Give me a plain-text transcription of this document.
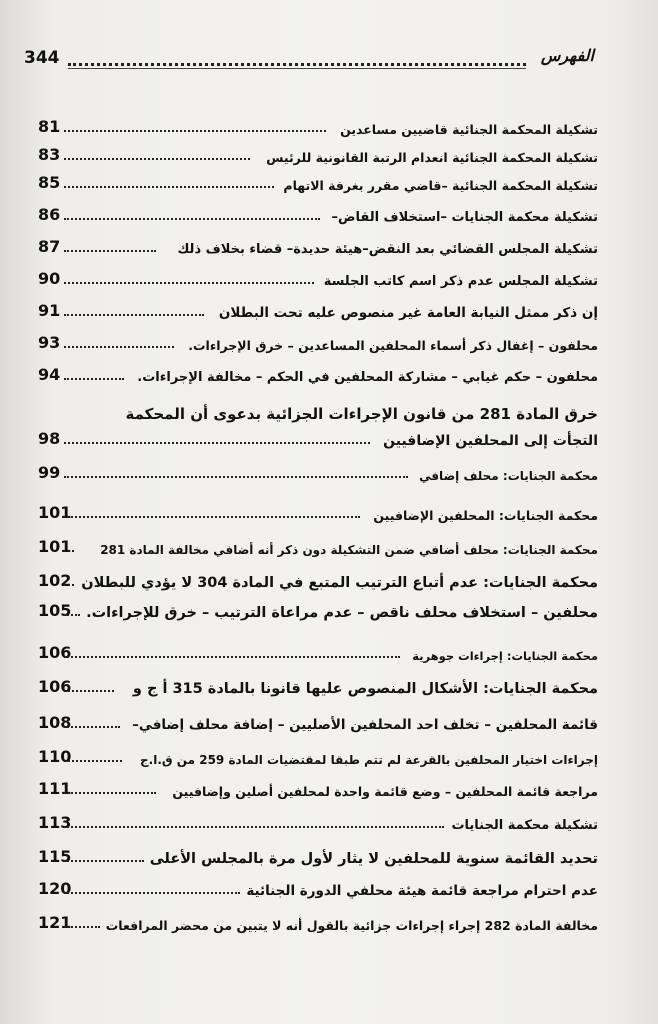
344	الفهرس
81	تشكيلة المحكمة الجنائية قاضيين مساعدين
83	تشكيلة المحكمة الجنائية انعدام الرتبة القانونية للرئيس
85	تشكيلة المحكمة الجنائية –قاضي مقرر بغرفة الاتهام
86	تشكيلة محكمة الجنايات –استخلاف القاض–
87	تشكيلة المجلس القضائي بعد النقض–هيئة حديدة– قضاء بخلاف ذلك
90	تشكيلة المجلس عدم ذكر اسم كاتب الجلسة
91	إن ذكر ممثل النيابة العامة غير منصوص عليه تحت البطلان
93	محلفون – إغفال ذكر أسماء المحلفين المساعدين – خرق الإجراءات.
94	محلفون – حكم غيابي – مشاركة المحلفين في الحكم – مخالفة الإجراءات.
خرق المادة 281 من قانون الإجراءات الجزائية بدعوى أن المحكمة
98	التجأت إلى المحلفين الإضافيين
99	محكمة الجنايات: محلف إضافي
101	محكمة الجنايات: المحلفين الإضافيين
101 محكمة الجنايات: محلف أضافي ضمن التشكيلة دون ذكر أنه أضافي مخالفة المادة 281
102 محكمة الجنايات: عدم أتباع الترتيب المتبع في المادة 304 لا يؤدي للبطلان
105 محلفين – استخلاف محلف ناقص – عدم مراعاة الترتيب – خرق للإجراءات.
106	محكمة الجنايات: إجراءات جوهرية
106	محكمة الجنايات: الأشكال المنصوص عليها قانونا بالمادة 315 أ ج و
108	قائمة المحلفين – تخلف احد المحلفين الأصليين – إضافة محلف إضافي–
110	إجراءات اختيار المحلفين بالقرعة لم تتم طبقا لمقتضيات المادة 259 من ق.ا.ج
111	مراجعة قائمة المحلفين – وضع قائمة واحدة لمحلفين أصلين وإضافيين
113	تشكيلة محكمة الجنايات
115	تحديد القائمة سنوية للمحلفين لا يثار لأول مرة بالمجلس الأعلى
120	عدم احترام مراجعة قائمة هيئة محلفي الدورة الجنائية
121	مخالفة المادة 282 إجراء إجراءات جزائية بالقول أنه لا يتبين من محضر المرافعات
